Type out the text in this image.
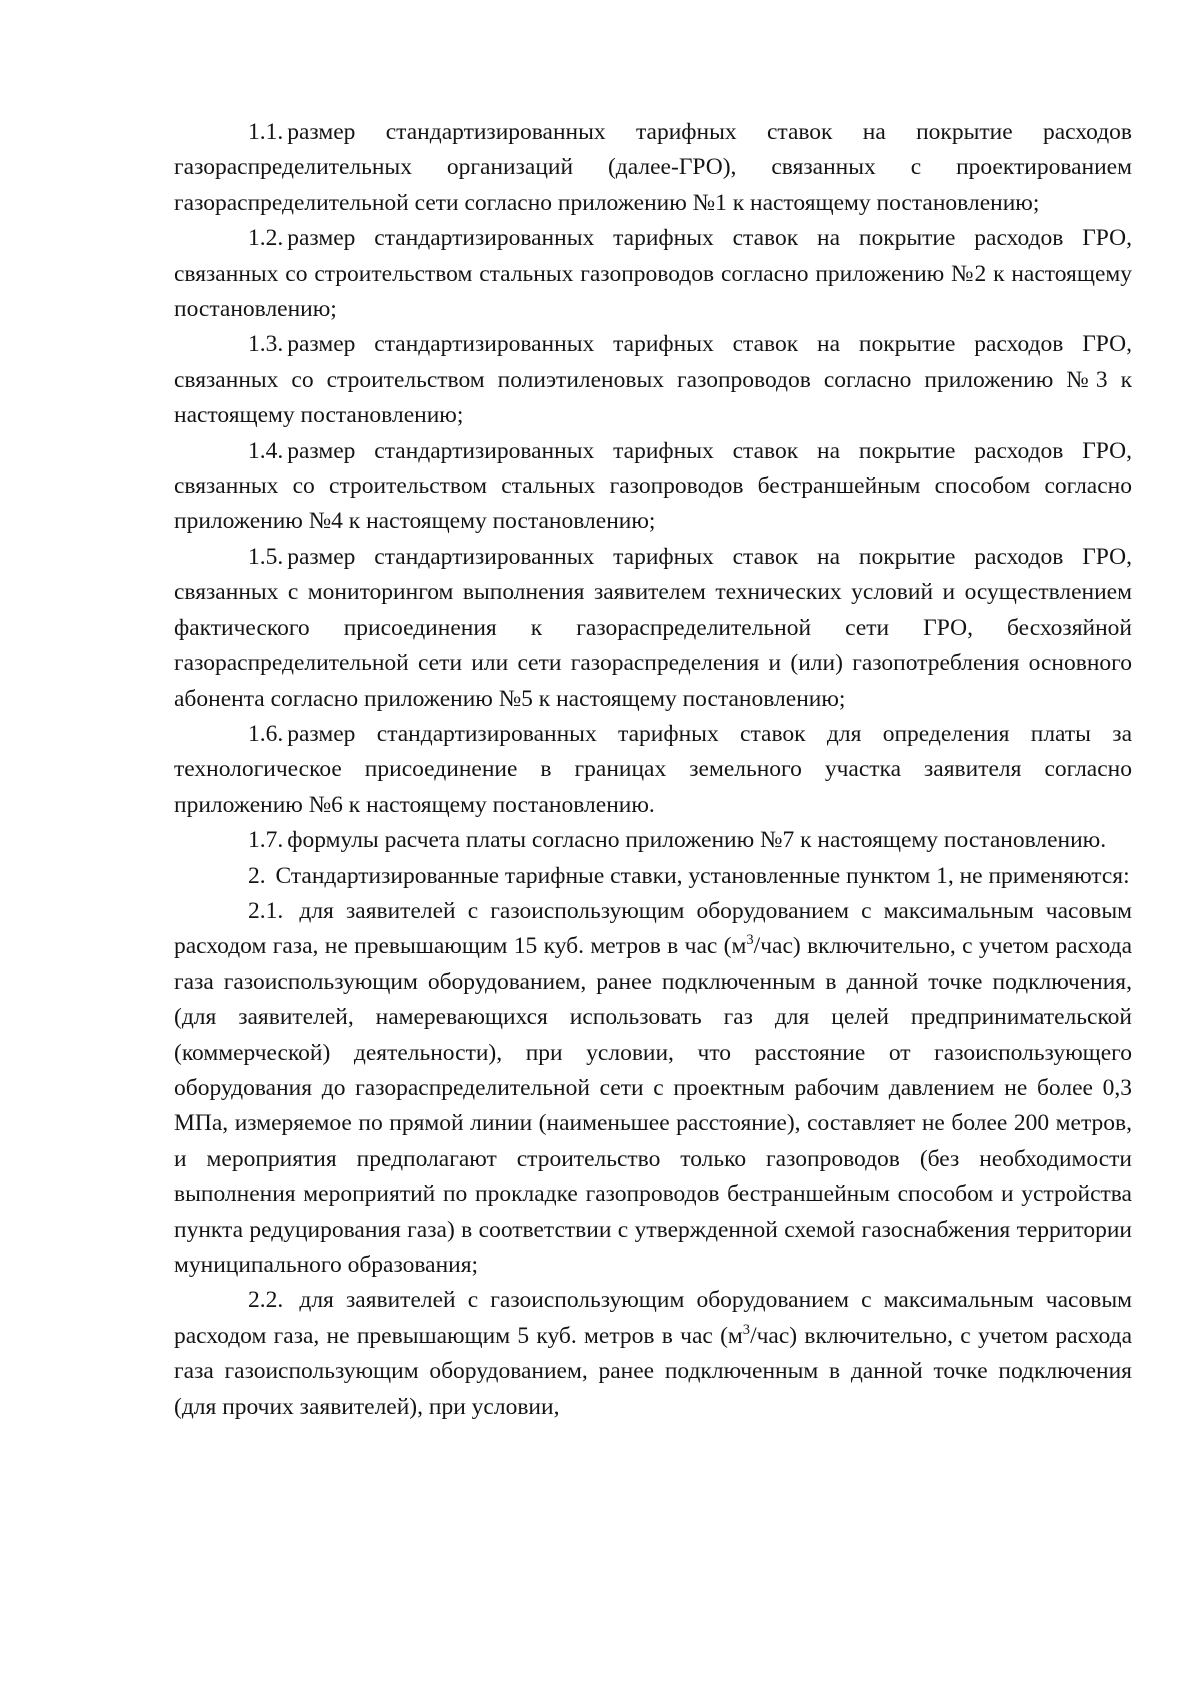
1.1. размер стандартизированных тарифных ставок на покрытие расходов газораспределительных организаций (далее-ГРО), связанных с проектированием газораспределительной сети согласно приложению №1 к настоящему постановлению;

1.2. размер стандартизированных тарифных ставок на покрытие расходов ГРО, связанных со строительством стальных газопроводов согласно приложению №2 к настоящему постановлению;

1.3. размер стандартизированных тарифных ставок на покрытие расходов ГРО, связанных со строительством полиэтиленовых газопроводов согласно приложению №3 к настоящему постановлению;

1.4. размер стандартизированных тарифных ставок на покрытие расходов ГРО, связанных со строительством стальных газопроводов бестраншейным способом согласно приложению №4 к настоящему постановлению;

1.5. размер стандартизированных тарифных ставок на покрытие расходов ГРО, связанных с мониторингом выполнения заявителем технических условий и осуществлением фактического присоединения к газораспределительной сети ГРО, бесхозяйной газораспределительной сети или сети газораспределения и (или) газопотребления основного абонента согласно приложению №5 к настоящему постановлению;

1.6. размер стандартизированных тарифных ставок для определения платы за технологическое присоединение в границах земельного участка заявителя согласно приложению №6 к настоящему постановлению.

1.7. формулы расчета платы согласно приложению №7 к настоящему постановлению.

2. Стандартизированные тарифные ставки, установленные пунктом 1, не применяются:

2.1. для заявителей с газоиспользующим оборудованием с максимальным часовым расходом газа, не превышающим 15 куб. метров в час $(м^3/час)$ включительно, с учетом расхода газа газоиспользующим оборудованием, ранее подключенным в данной точке подключения, (для заявителей, намеревающихся использовать газ для целей предпринимательской (коммерческой) деятельности), при условии, что расстояние от газоиспользующего оборудования до газораспределительной сети с проектным рабочим давлением не более 0,3 МПа, измеряемое по прямой линии (наименьшее расстояние), составляет не более 200 метров, и мероприятия предполагают строительство только газопроводов (без необходимости выполнения мероприятий по прокладке газопроводов бестраншейным способом и устройства пункта редуцирования газа) в соответствии с утвержденной схемой газоснабжения территории муниципального образования;

2.2. для заявителей с газоиспользующим оборудованием с максимальным часовым расходом газа, не превышающим 5 куб. метров в час $(м^3/час)$ включительно, с учетом расхода газа газоиспользующим оборудованием, ранее подключенным в данной точке подключения (для прочих заявителей), при условии,
